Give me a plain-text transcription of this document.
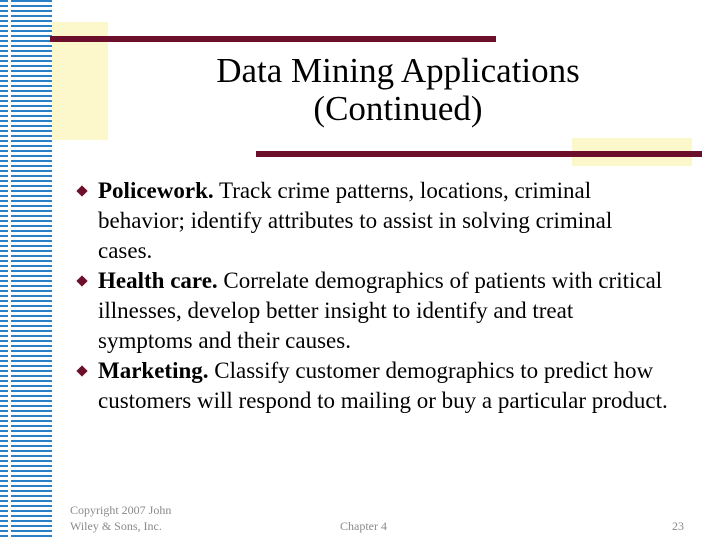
Data Mining Applications
(Continued)
Policework. Track crime patterns, locations, criminal behavior; identify attributes to assist in solving criminal cases.
Health care. Correlate demographics of patients with critical illnesses, develop better insight to identify and treat symptoms and their causes.
Marketing. Classify customer demographics to predict how customers will respond to mailing or buy a particular product.
Copyright 2007 John
Wiley & Sons, Inc.	Chapter 4	23
